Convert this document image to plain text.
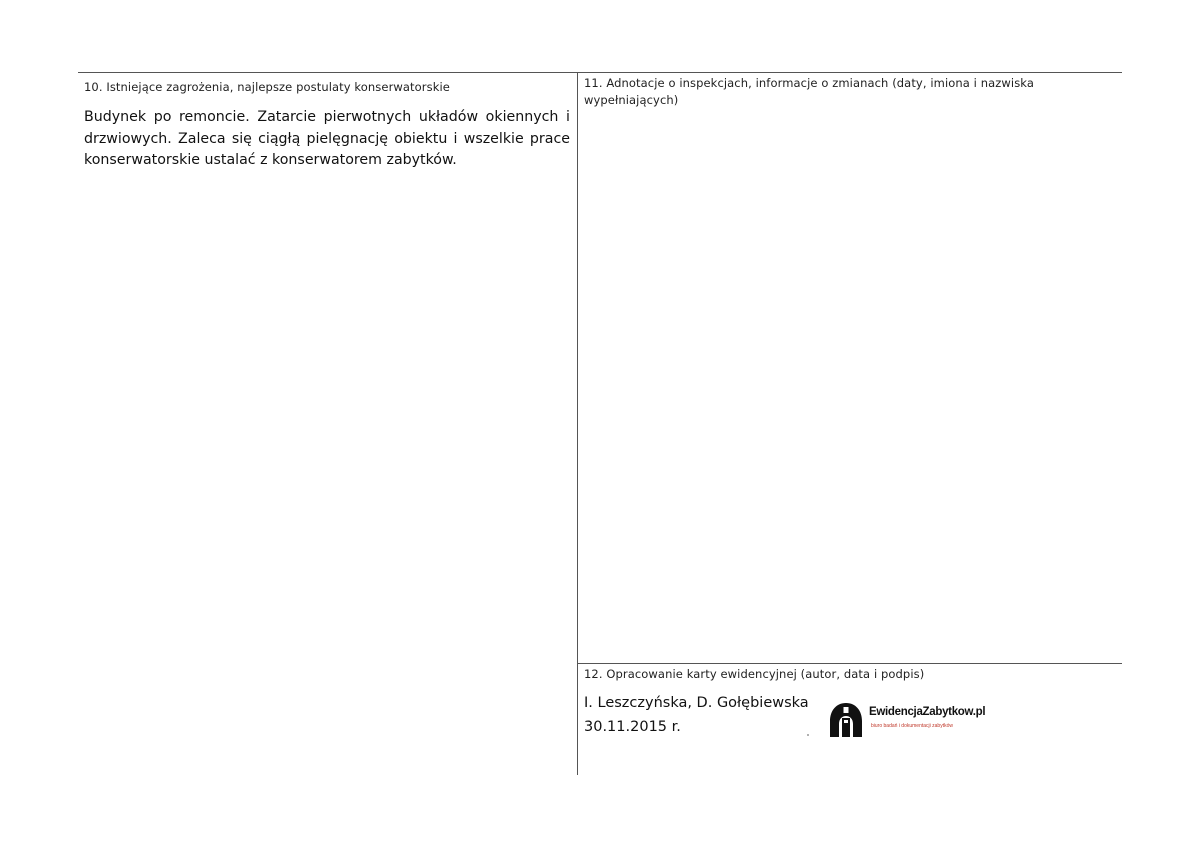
10. Istniejące zagrożenia, najlepsze postulaty konserwatorskie
Budynek po remoncie. Zatarcie pierwotnych układów okiennych i drzwiowych. Zaleca się ciągłą pielęgnację obiektu i wszelkie prace konserwatorskie ustalać z konserwatorem zabytków.
11. Adnotacje o inspekcjach, informacje o zmianach (daty, imiona i nazwiska wypełniających)
12. Opracowanie karty ewidencyjnej (autor, data i podpis)
I. Leszczyńska, D. Gołębiewska
30.11.2015 r.
EwidencjaZabytkow.pl
biuro badań i dokumentacji zabytków
